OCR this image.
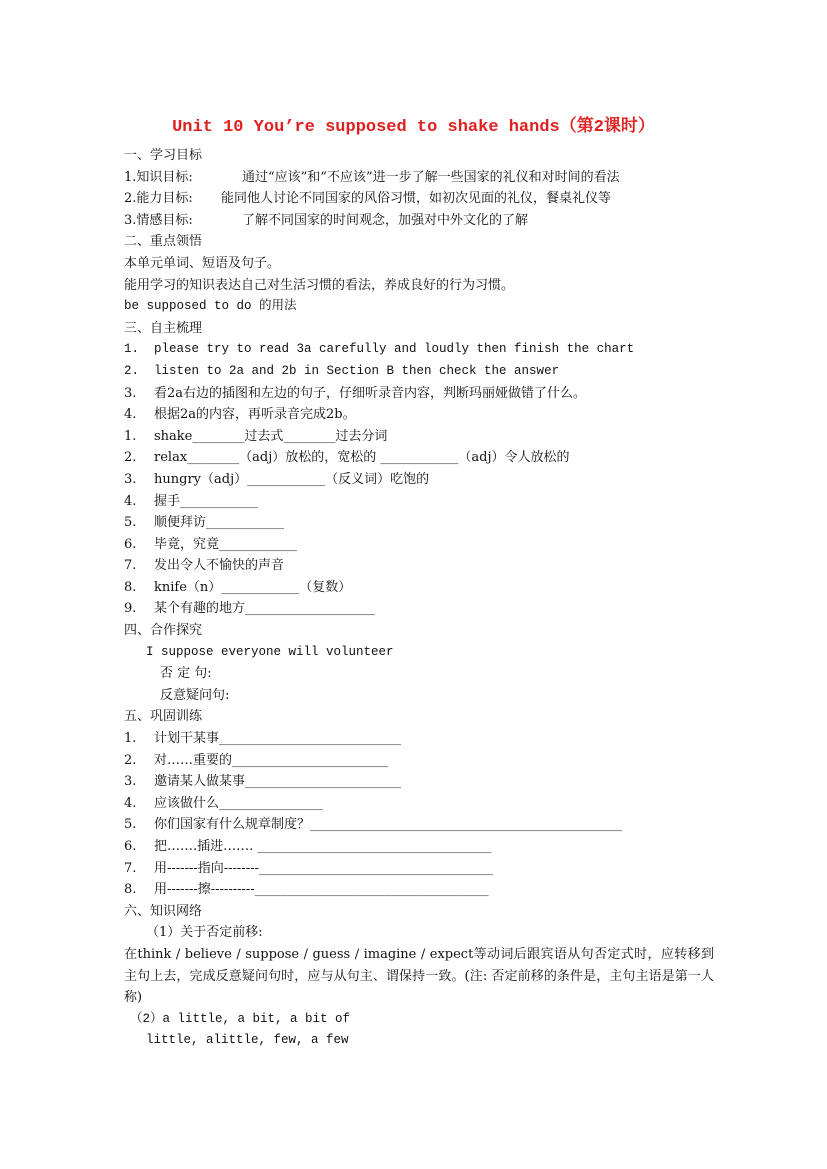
Unit 10 You’re supposed to shake hands（第2课时）
一、学习目标
1.知识目标:	通过“应该”和“不应该”进一步了解一些国家的礼仪和对时间的看法
2.能力目标: 能同他人讨论不同国家的风俗习惯，如初次见面的礼仪，餐桌礼仪等
3.情感目标:	了解不同国家的时间观念，加强对中外文化的了解
二、重点领悟
本单元单词、短语及句子。
能用学习的知识表达自己对生活习惯的看法，养成良好的行为习惯。
be supposed to do 的用法
三、自主梳理
1. please try to read 3a carefully and loudly then finish the chart
2. listen to 2a and 2b in Section B then check the answer
3. 看2a右边的插图和左边的句子，仔细听录音内容，判断玛丽娅做错了什么。
4. 根据2a的内容，再听录音完成2b。
1. shake________过去式________过去分词
2. relax________（adj）放松的，宽松的 ____________（adj）令人放松的
3. hungry（adj）____________（反义词）吃饱的
4. 握手____________
5. 顺便拜访____________
6. 毕竟，究竟____________
7. 发出令人不愉快的声音
8. knife（n）____________（复数）
9. 某个有趣的地方____________________
四、合作探究
I suppose everyone will volunteer
否 定 句:
反意疑问句:
五、巩固训练
1. 计划干某事____________________________
2. 对……重要的________________________
3. 邀请某人做某事________________________
4. 应该做什么________________
5. 你们国家有什么规章制度？________________________________________________
6. 把…….插进……. ____________________________________
7. 用-------指向--------____________________________________
8. 用-------擦----------____________________________________
六、知识网络
（1）关于否定前移:
在think / believe / suppose / guess / imagine / expect等动词后跟宾语从句否定式时，应转移到主句上去，完成反意疑问句时，应与从句主、谓保持一致。(注: 否定前移的条件是，主句主语是第一人称)
（2）a little, a bit, a bit of
little, alittle, few, a few
